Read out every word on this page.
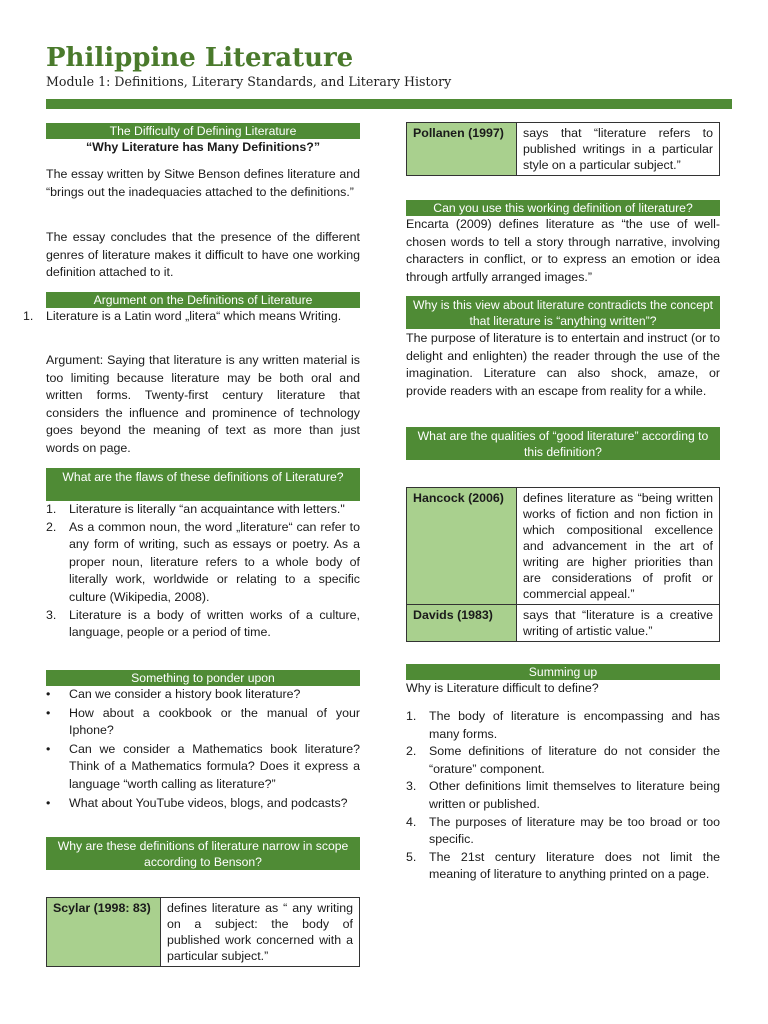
Philippine Literature
Module 1: Definitions, Literary Standards, and Literary History
The Difficulty of Defining Literature
“Why Literature has Many Definitions?”

The essay written by Sitwe Benson defines literature and “brings out the inadequacies attached to the definitions.”

The essay concludes that the presence of the different genres of literature makes it difficult to have one working definition attached to it.

Argument on the Definitions of Literature
1. Literature is a Latin word „litera“ which means Writing.

Argument: Saying that literature is any written material is too limiting because literature may be both oral and written forms. Twenty-first century literature that considers the influence and prominence of technology goes beyond the meaning of text as more than just words on page.

What are the flaws of these definitions of Literature?
1. Literature is literally “an acquaintance with letters."
2. As a common noun, the word „literature“ can refer to any form of writing, such as essays or poetry. As a proper noun, literature refers to a whole body of literally work, worldwide or relating to a specific culture (Wikipedia, 2008).
3. Literature is a body of written works of a culture, language, people or a period of time.
Something to ponder upon
• Can we consider a history book literature?
• How about a cookbook or the manual of your Iphone?
• Can we consider a Mathematics book literature? Think of a Mathematics formula? Does it express a language “worth calling as literature?”
• What about YouTube videos, blogs, and podcasts?
Why are these definitions of literature narrow in scope according to Benson?
Scylar (1998: 83)	defines literature as “ any writing on a subject: the body of published work concerned with a particular subject.”
Pollanen (1997)	says that “literature refers to published writings in a particular style on a particular subject.”
Can you use this working definition of literature?

Encarta (2009) defines literature as “the use of well-chosen words to tell a story through narrative, involving characters in conflict, or to express an emotion or idea through artfully arranged images.”

Why is this view about literature contradicts the concept that literature is “anything written”?

The purpose of literature is to entertain and instruct (or to delight and enlighten) the reader through the use of the imagination. Literature can also shock, amaze, or provide readers with an escape from reality for a while.

What are the qualities of “good literature” according to this definition?
Hancock (2006)	defines literature as “being written works of fiction and non fiction in which compositional excellence and advancement in the art of writing are higher priorities than are considerations of profit or commercial appeal.”
Davids (1983)	says that “literature is a creative writing of artistic value.”
Summing up
Why is Literature difficult to define?
1. The body of literature is encompassing and has many forms.
2. Some definitions of literature do not consider the “orature” component.
3. Other definitions limit themselves to literature being written or published.
4. The purposes of literature may be too broad or too specific.
5. The 21st century literature does not limit the meaning of literature to anything printed on a page.
